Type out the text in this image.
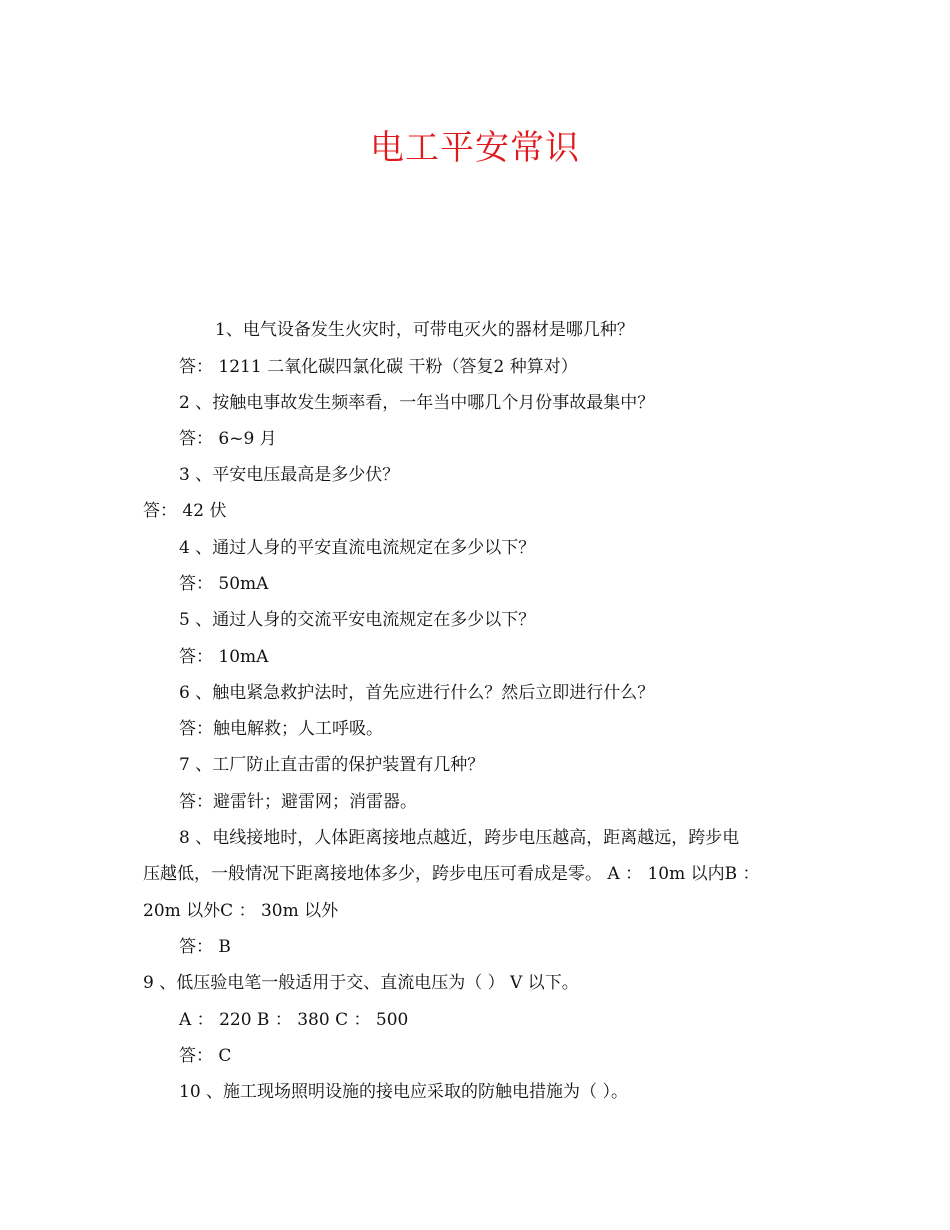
电工平安常识
1、电气设备发生火灾时，可带电灭火的器材是哪几种？
答： 1211 二氧化碳四氯化碳 干粉（答复2 种算对）
2 、按触电事故发生频率看，一年当中哪几个月份事故最集中？
答： 6~9 月
3 、平安电压最高是多少伏？
答： 42 伏
4 、通过人身的平安直流电流规定在多少以下？
答： 50mA
5 、通过人身的交流平安电流规定在多少以下？
答： 10mA
6 、触电紧急救护法时，首先应进行什么？然后立即进行什么？
答：触电解救；人工呼吸。
7 、工厂防止直击雷的保护装置有几种？
答：避雷针；避雷网；消雷器。
8 、电线接地时，人体距离接地点越近，跨步电压越高，距离越远，跨步电
压越低，一般情况下距离接地体多少，跨步电压可看成是零。 A ： 10m 以内B ：
20m 以外C ： 30m 以外
答： B
9 、低压验电笔一般适用于交、直流电压为（ ） V 以下。
A ： 220 B ： 380 C ： 500
答： C
10 、施工现场照明设施的接电应采取的防触电措施为（ ）。
